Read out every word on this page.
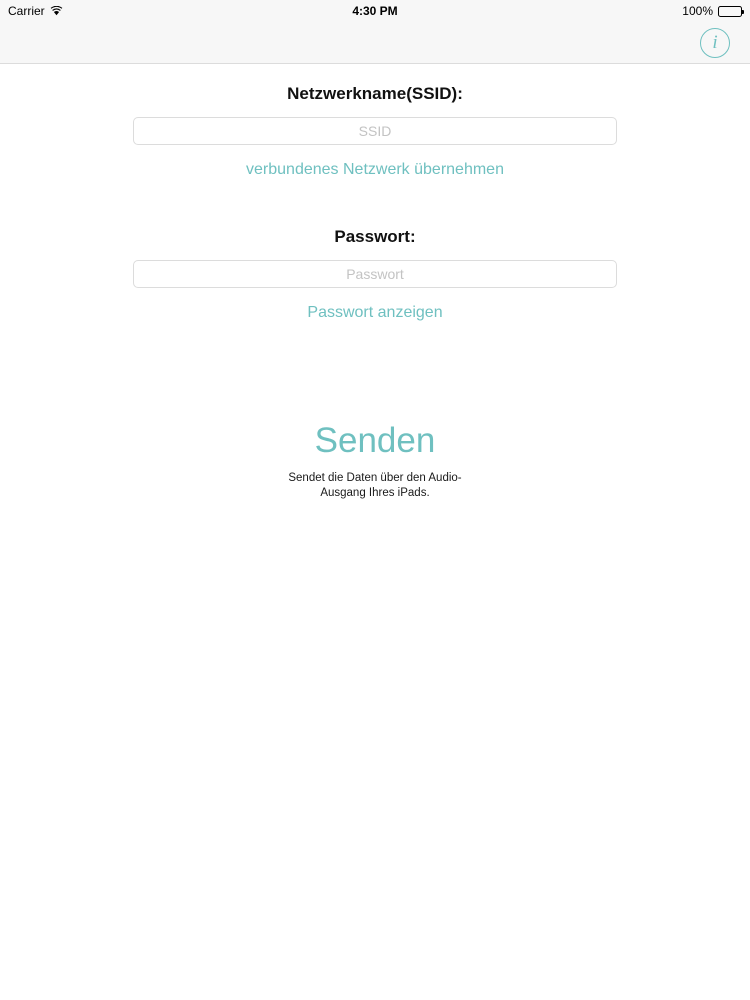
Carrier	4:30 PM	100%
i
Netzwerkname(SSID):
SSID
verbundenes Netzwerk übernehmen
Passwort:
Passwort
Passwort anzeigen
Senden
Sendet die Daten über den Audio-Ausgang Ihres iPads.
